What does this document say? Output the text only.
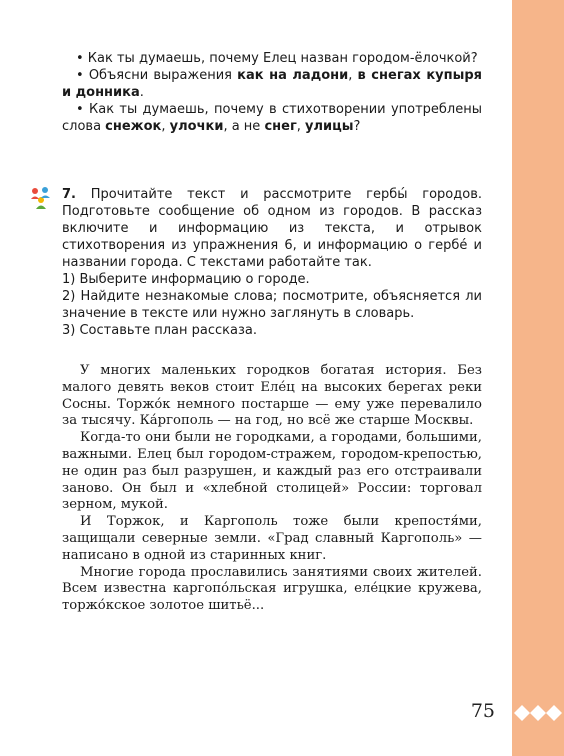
• Как ты думаешь, почему Елец назван городом-ёлочкой?

• Объясни выражения как на ладони, в снегах купыря и донника.

• Как ты думаешь, почему в стихотворении употреблены слова снежок, улочки, а не снег, улицы?

7. Прочитайте текст и рассмотрите гербы́ городов. Подготовьте сообщение об одном из городов. В рассказ включите и информацию из текста, и отрывок стихотворения из упражнения 6, и информацию о гербе́ и названии города. С текстами работайте так.

1) Выберите информацию о городе.
2) Найдите незнакомые слова; посмотрите, объясняется ли значение в тексте или нужно заглянуть в словарь.
3) Составьте план рассказа.

У многих маленьких городков богатая история. Без малого девять веков стоит Еле́ц на высоких берегах реки Сосны. Торжо́к немного постарше — ему уже перевалило за тысячу. Ка́ргополь — на год, но всё же старше Москвы.

Когда-то они были не городками, а городами, большими, важными. Елец был городом-стражем, городом-крепостью, не один раз был разрушен, и каждый раз его отстраивали заново. Он был и «хлебной столицей» России: торговал зерном, мукой.

И Торжок, и Каргополь тоже были крепостя́ми, защищали северные земли. «Град славный Каргополь» — написано в одной из старинных книг.

Многие города прославились занятиями своих жителей. Всем известна каргопо́льская игрушка, еле́цкие кружева, торжо́кское золотое шитьё...

75
